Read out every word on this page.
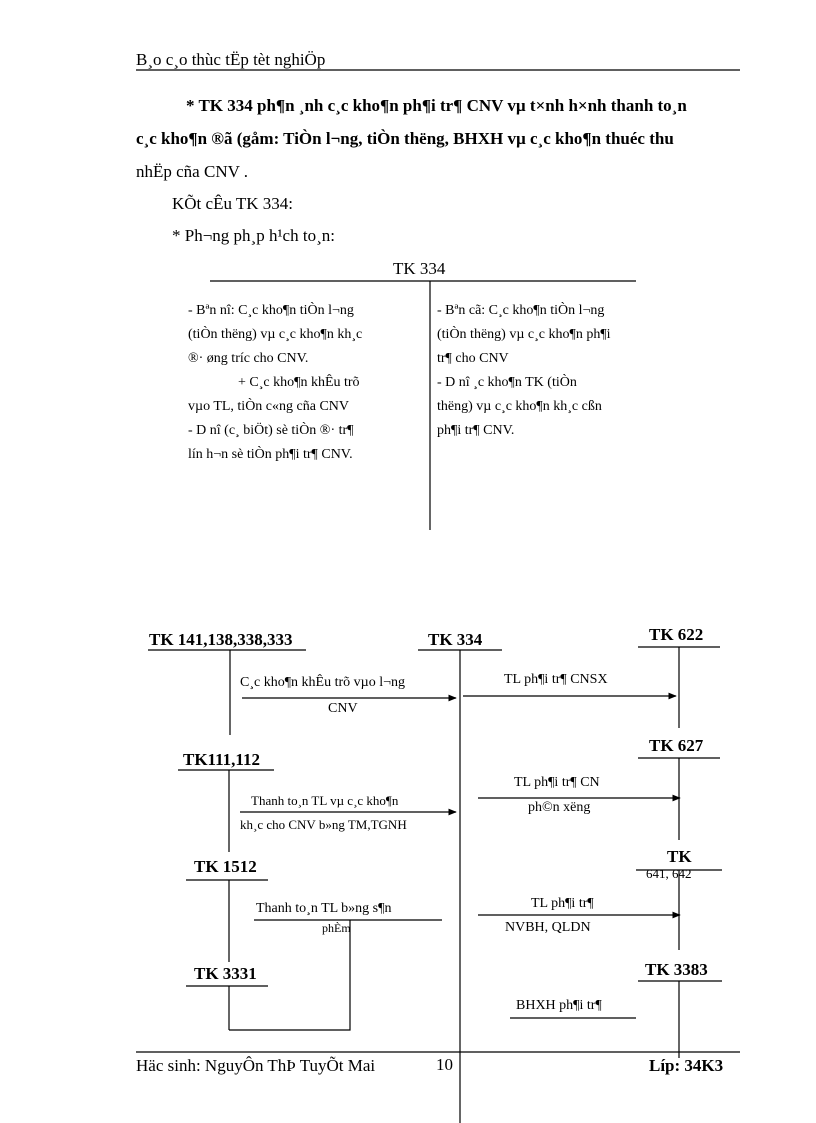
B¸o c¸o thùc tËp tèt nghiÖp
* TK 334 ph¶n ¸nh c¸c kho¶n ph¶i tr¶ CNV vµ t×nh h×nh thanh to¸n
c¸c kho¶n ®ã (gåm: TiÒn l¬ng, tiÒn thëng, BHXH vµ c¸c kho¶n thuéc thu
nhËp cña CNV .
KÕt cÊu TK 334:
* Ph¬ng ph¸p h¹ch to¸n:
TK 334
- Bªn nî: C¸c kho¶n tiÒn l¬ng
(tiÒn thëng) vµ c¸c kho¶n kh¸c
®· øng tríc cho CNV.
+ C¸c kho¶n khÊu trõ
vµo TL, tiÒn c«ng cña CNV
- D nî (c¸ biÖt) sè tiÒn ®· tr¶
lín h¬n sè tiÒn ph¶i tr¶ CNV.
- Bªn cã: C¸c kho¶n tiÒn l¬ng
(tiÒn thëng) vµ c¸c kho¶n ph¶i
tr¶ cho CNV
- D nî ¸c kho¶n TK (tiÒn
thëng) vµ c¸c kho¶n kh¸c cßn
ph¶i tr¶ CNV.
TK 141,138,338,333	TK 334	TK 622
TK111,112
TK 627
TK 1512
TK
641, 642
TK 3331	TK 3383
C¸c kho¶n khÊu trõ vµo l¬ng
CNV
TL ph¶i tr¶ CNSX
Thanh to¸n TL vµ c¸c kho¶n
kh¸c cho CNV b»ng TM,TGNH
TL ph¶i tr¶ CN
ph©n xëng
Thanh to¸n TL b»ng s¶n
phÈm
TL ph¶i tr¶
NVBH, QLDN
BHXH ph¶i tr¶
Häc sinh: NguyÔn ThÞ TuyÕt Mai	10	Líp: 34K3
